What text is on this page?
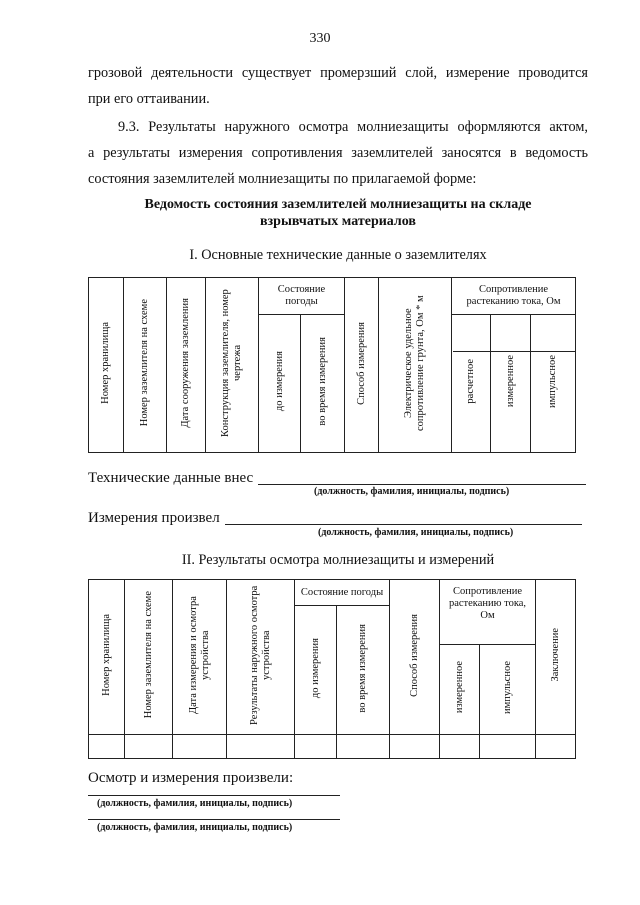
330
грозовой деятельности существует промерзший слой, измерение проводится
при его оттаивании.
9.3. Результаты наружного осмотра молниезащиты оформляются актом,
а результаты измерения сопротивления заземлителей заносятся в ведомость
состояния заземлителей молниезащиты по прилагаемой форме:
Ведомость состояния заземлителей молниезащиты на складе
взрывчатых материалов
I. Основные технические данные о заземлителях
Номер хранилища	Номер заземлителя на схеме	Дата сооружения заземления	Конструкция заземлителя, номер чертежа	Состояние погоды		Способ измерения	Электрическое удельное сопротивление грунта, Ом * м	Сопротивление растеканию тока, Ом		
				до измерения	во время измерения			расчетное	измеренное	импульсное
Технические данные внес
(должность, фамилия, инициалы, подпись)
Измерения произвел
(должность, фамилия, инициалы, подпись)
II. Результаты осмотра молниезащиты и измерений
Номер хранилища	Номер заземлителя на схеме	Дата измерения и осмотра устройства	Результаты наружного осмотра устройства	Состояние погоды		Способ измерения	Сопротивление растеканию тока, Ом		Заключение
				до измерения	во время измерения				
							измеренное	импульсное	

Осмотр и измерения произвели:
(должность, фамилия, инициалы, подпись)
(должность, фамилия, инициалы, подпись)
